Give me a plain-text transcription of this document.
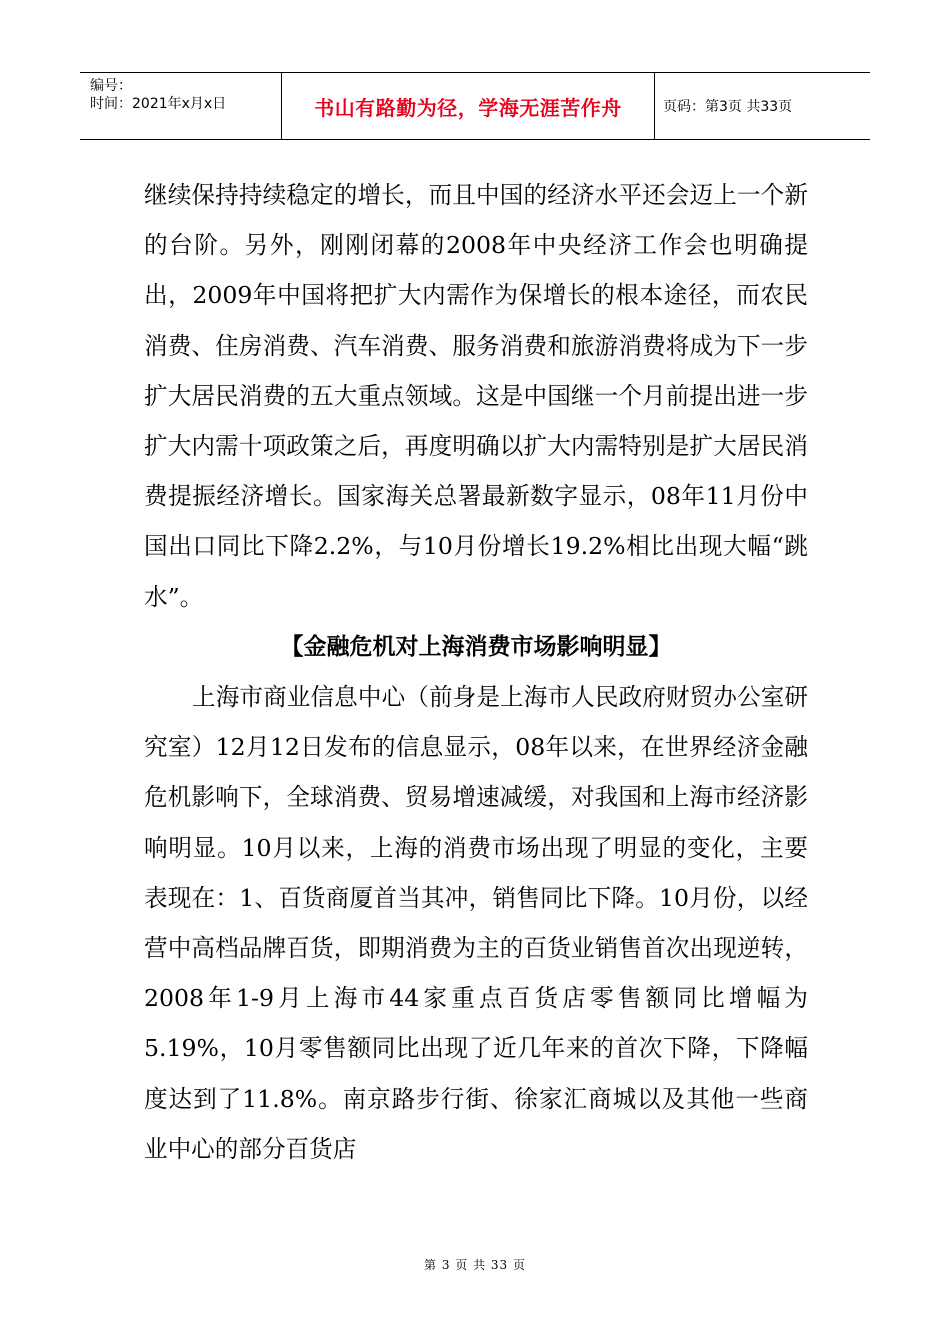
编号：
时间：2021年x月x日	书山有路勤为径，学海无涯苦作舟	页码：第3页 共33页

继续保持持续稳定的增长，而且中国的经济水平还会迈上一个新的台阶。另外，刚刚闭幕的2008年中央经济工作会也明确提出，2009年中国将把扩大内需作为保增长的根本途径，而农民消费、住房消费、汽车消费、服务消费和旅游消费将成为下一步扩大居民消费的五大重点领域。这是中国继一个月前提出进一步扩大内需十项政策之后，再度明确以扩大内需特别是扩大居民消费提振经济增长。国家海关总署最新数字显示，08年11月份中国出口同比下降2.2%，与10月份增长19.2%相比出现大幅“跳水”。

【金融危机对上海消费市场影响明显】

上海市商业信息中心（前身是上海市人民政府财贸办公室研究室）12月12日发布的信息显示，08年以来，在世界经济金融危机影响下，全球消费、贸易增速减缓，对我国和上海市经济影响明显。10月以来，上海的消费市场出现了明显的变化，主要表现在：1、百货商厦首当其冲，销售同比下降。10月份，以经营中高档品牌百货，即期消费为主的百货业销售首次出现逆转，2008年1-9月上海市44家重点百货店零售额同比增幅为5.19%，10月零售额同比出现了近几年来的首次下降，下降幅度达到了11.8%。南京路步行街、徐家汇商城以及其他一些商业中心的部分百货店

第 3 页 共 33 页
